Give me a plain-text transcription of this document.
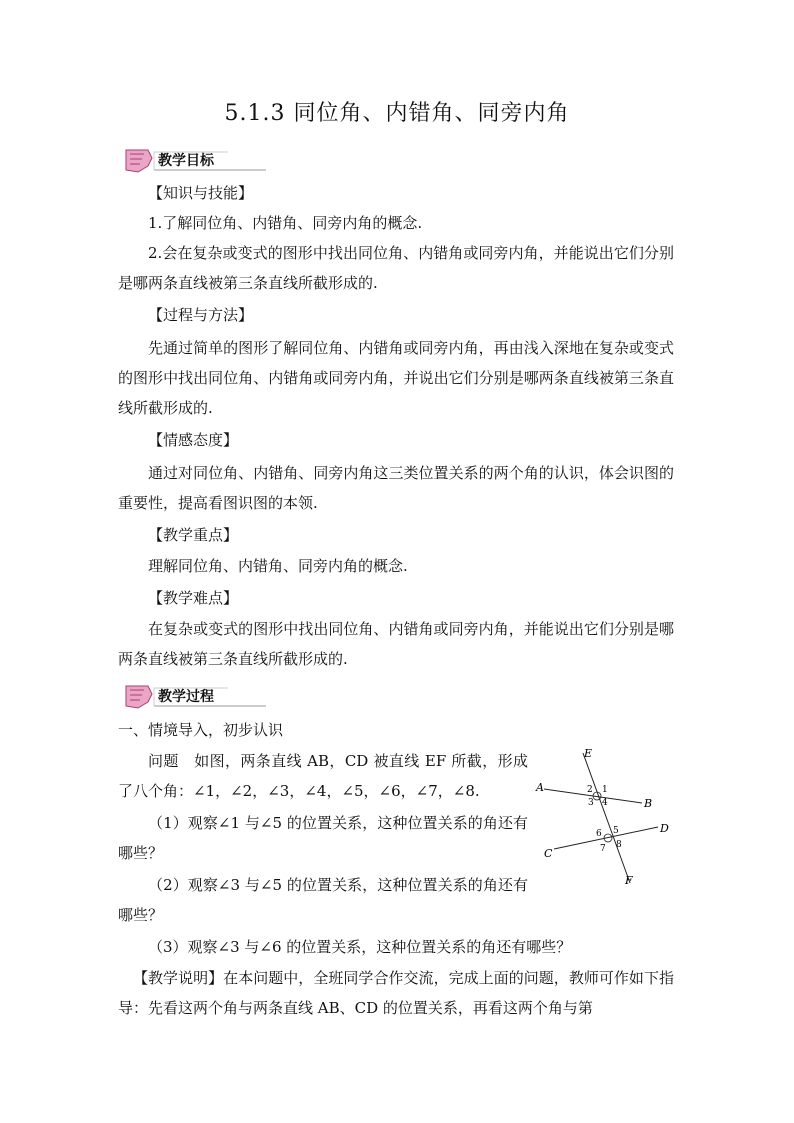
5.1.3 同位角、内错角、同旁内角
教学目标
【知识与技能】
1.了解同位角、内错角、同旁内角的概念.
2.会在复杂或变式的图形中找出同位角、内错角或同旁内角，并能说出它们分别是哪两条直线被第三条直线所截形成的.
【过程与方法】
先通过简单的图形了解同位角、内错角或同旁内角，再由浅入深地在复杂或变式的图形中找出同位角、内错角或同旁内角，并说出它们分别是哪两条直线被第三条直线所截形成的.
【情感态度】
通过对同位角、内错角、同旁内角这三类位置关系的两个角的认识，体会识图的重要性，提高看图识图的本领.
【教学重点】
理解同位角、内错角、同旁内角的概念.
【教学难点】
在复杂或变式的图形中找出同位角、内错角或同旁内角，并能说出它们分别是哪两条直线被第三条直线所截形成的.
教学过程
一、情境导入，初步认识
问题　如图，两条直线 AB，CD 被直线 EF 所截，形成了八个角：∠1，∠2，∠3，∠4，∠5，∠6，∠7，∠8.
（1）观察∠1 与∠5 的位置关系，这种位置关系的角还有哪些？
（2）观察∠3 与∠5 的位置关系，这种位置关系的角还有哪些？
（3）观察∠3 与∠6 的位置关系，这种位置关系的角还有哪些？
【教学说明】在本问题中，全班同学合作交流，完成上面的问题，教师可作如下指导：先看这两个角与两条直线 AB、CD 的位置关系，再看这两个角与第
E
F
A
B
C
D
1
2
3 4
5
6
7 8
